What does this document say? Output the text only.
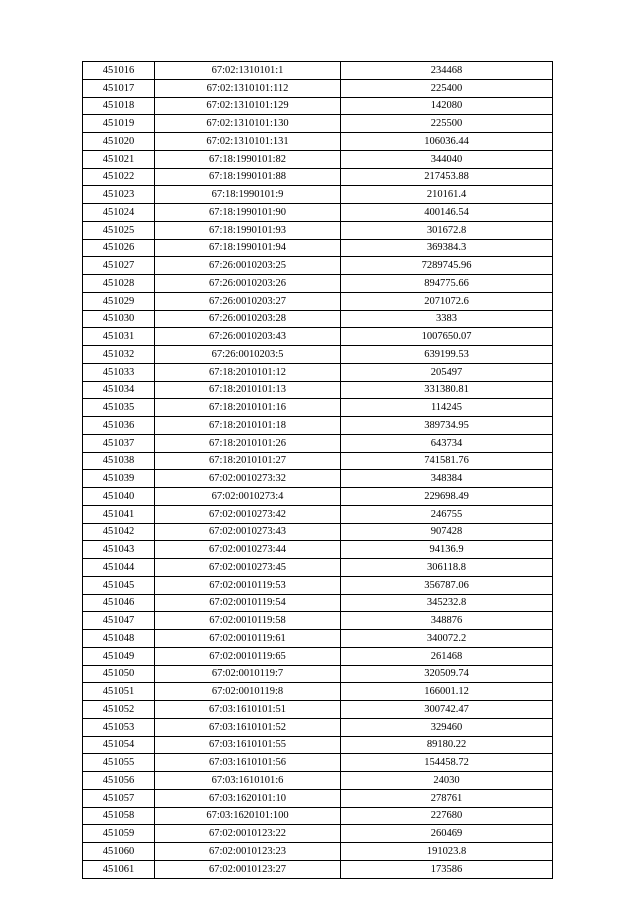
451016	67:02:1310101:1	234468
451017	67:02:1310101:112	225400
451018	67:02:1310101:129	142080
451019	67:02:1310101:130	225500
451020	67:02:1310101:131	106036.44
451021	67:18:1990101:82	344040
451022	67:18:1990101:88	217453.88
451023	67:18:1990101:9	210161.4
451024	67:18:1990101:90	400146.54
451025	67:18:1990101:93	301672.8
451026	67:18:1990101:94	369384.3
451027	67:26:0010203:25	7289745.96
451028	67:26:0010203:26	894775.66
451029	67:26:0010203:27	2071072.6
451030	67:26:0010203:28	3383
451031	67:26:0010203:43	1007650.07
451032	67:26:0010203:5	639199.53
451033	67:18:2010101:12	205497
451034	67:18:2010101:13	331380.81
451035	67:18:2010101:16	114245
451036	67:18:2010101:18	389734.95
451037	67:18:2010101:26	643734
451038	67:18:2010101:27	741581.76
451039	67:02:0010273:32	348384
451040	67:02:0010273:4	229698.49
451041	67:02:0010273:42	246755
451042	67:02:0010273:43	907428
451043	67:02:0010273:44	94136.9
451044	67:02:0010273:45	306118.8
451045	67:02:0010119:53	356787.06
451046	67:02:0010119:54	345232.8
451047	67:02:0010119:58	348876
451048	67:02:0010119:61	340072.2
451049	67:02:0010119:65	261468
451050	67:02:0010119:7	320509.74
451051	67:02:0010119:8	166001.12
451052	67:03:1610101:51	300742.47
451053	67:03:1610101:52	329460
451054	67:03:1610101:55	89180.22
451055	67:03:1610101:56	154458.72
451056	67:03:1610101:6	24030
451057	67:03:1620101:10	278761
451058	67:03:1620101:100	227680
451059	67:02:0010123:22	260469
451060	67:02:0010123:23	191023.8
451061	67:02:0010123:27	173586
